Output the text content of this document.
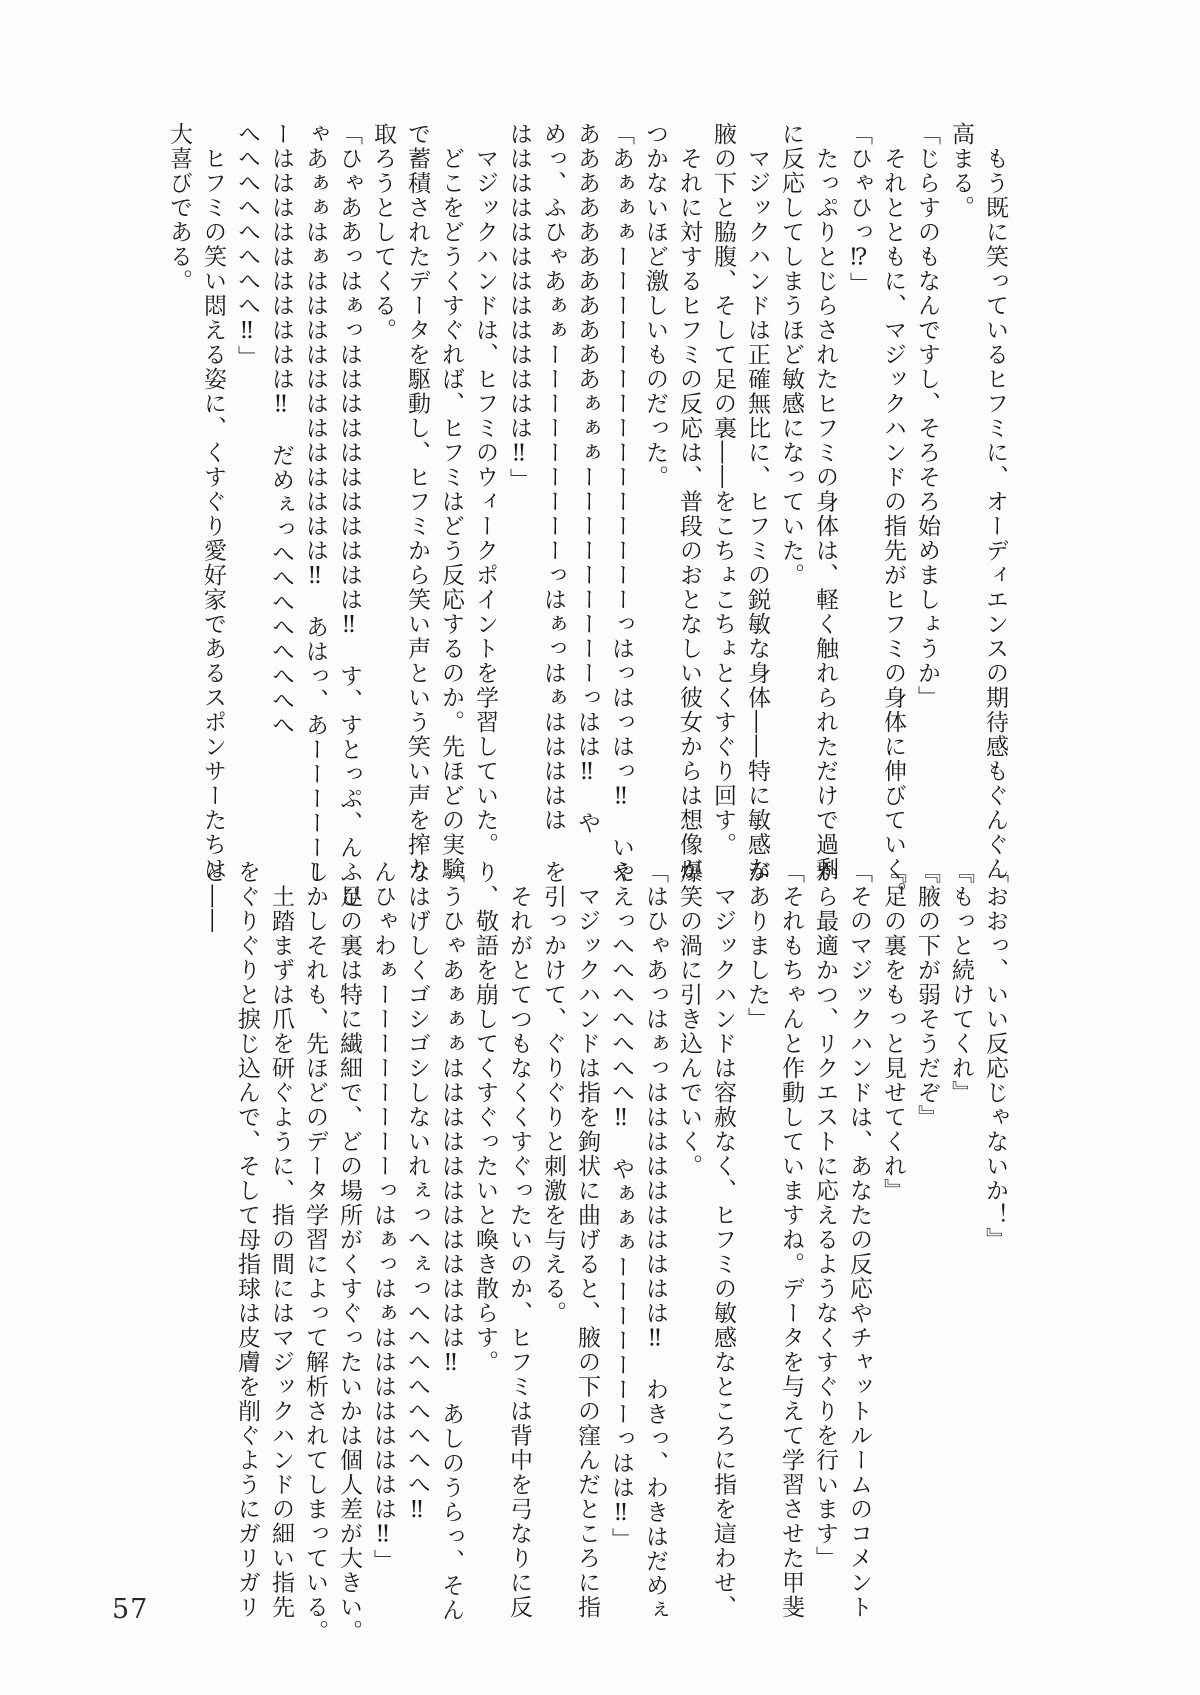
　もう既に笑っているヒフミに、オーディエンスの期待感もぐんぐん
高まる。
「じらすのもなんですし、そろそろ始めましょうか」
　それとともに、マジックハンドの指先がヒフミの身体に伸びていく。
「ひゃひっ⁉」
　たっぷりとじらされたヒフミの身体は、軽く触れられただけで過剰
に反応してしまうほど敏感になっていた。
　マジックハンドは正確無比に、ヒフミの鋭敏な身体――特に敏感な
腋の下と脇腹、そして足の裏――をこちょこちょとくすぐり回す。
　それに対するヒフミの反応は、普段のおとなしい彼女からは想像が
つかないほど激しいものだった。
「あぁぁぁーーーーーーーーーーーーーーーっはっはっはっ‼　いや
あああああああああああぁぁぁーーーーーーーーーっはは‼　や
めっ、ふひゃあぁぁーーーーーーーーーっはぁっはぁははははは
ははははははははははははは‼」
　マジックハンドは、ヒフミのウィークポイントを学習していた。
　どこをどうくすぐれば、ヒフミはどう反応するのか。先ほどの実験
で蓄積されたデータを駆動し、ヒフミから笑い声という笑い声を搾り
取ろうとしてくる。
「ひゃああっはぁっははははははははははは‼　す、すとっぷ、んふひ
ゃあぁぁはぁはははははははははははは‼　あはっ、あーーーーーー
ーはははははははははは‼　だめぇっへへへへへへへへ
へへへへへへへへ‼」
　ヒフミの笑い悶える姿に、くすぐり愛好家であるスポンサーたちは
大喜びである。
「おおっ、いい反応じゃないか！』
『もっと続けてくれ』
『腋の下が弱そうだぞ』
『足の裏をもっと見せてくれ』
「そのマジックハンドは、あなたの反応やチャットルームのコメント
から最適かつ、リクエストに応えるようなくすぐりを行います」
「それもちゃんと作動していますね。データを与えて学習させた甲斐
がありました」
　マジックハンドは容赦なく、ヒフミの敏感なところに指を這わせ、
爆笑の渦に引き込んでいく。
「はひゃあっはぁっはははははははははは‼　わきっ、わきはだめぇ
ええっへへへへへへへ‼　やぁぁぁーーーーーーーっはは‼」
　マジックハンドは指を鉤状に曲げると、腋の下の窪んだところに指
を引っかけて、ぐりぐりと刺激を与える。
　それがとてつもなくくすぐったいのか、ヒフミは背中を弓なりに反
り、敬語を崩してくすぐったいと喚き散らす。
「うひゃあぁぁぁはははははははははははは‼　あしのうらっ、そん
なはげしくゴシゴシしないれぇっへぇっへへへへへへへへ‼
んひゃわぁーーーーーーーーっはぁっはぁはははははははは‼」
　足の裏は特に繊細で、どの場所がくすぐったいかは個人差が大きい。
しかしそれも、先ほどのデータ学習によって解析されてしまっている。
　土踏まずは爪を研ぐように、指の間にはマジックハンドの細い指先
をぐりぐりと捩じ込んで、そして母指球は皮膚を削ぐようにガリガリ
と――
57
